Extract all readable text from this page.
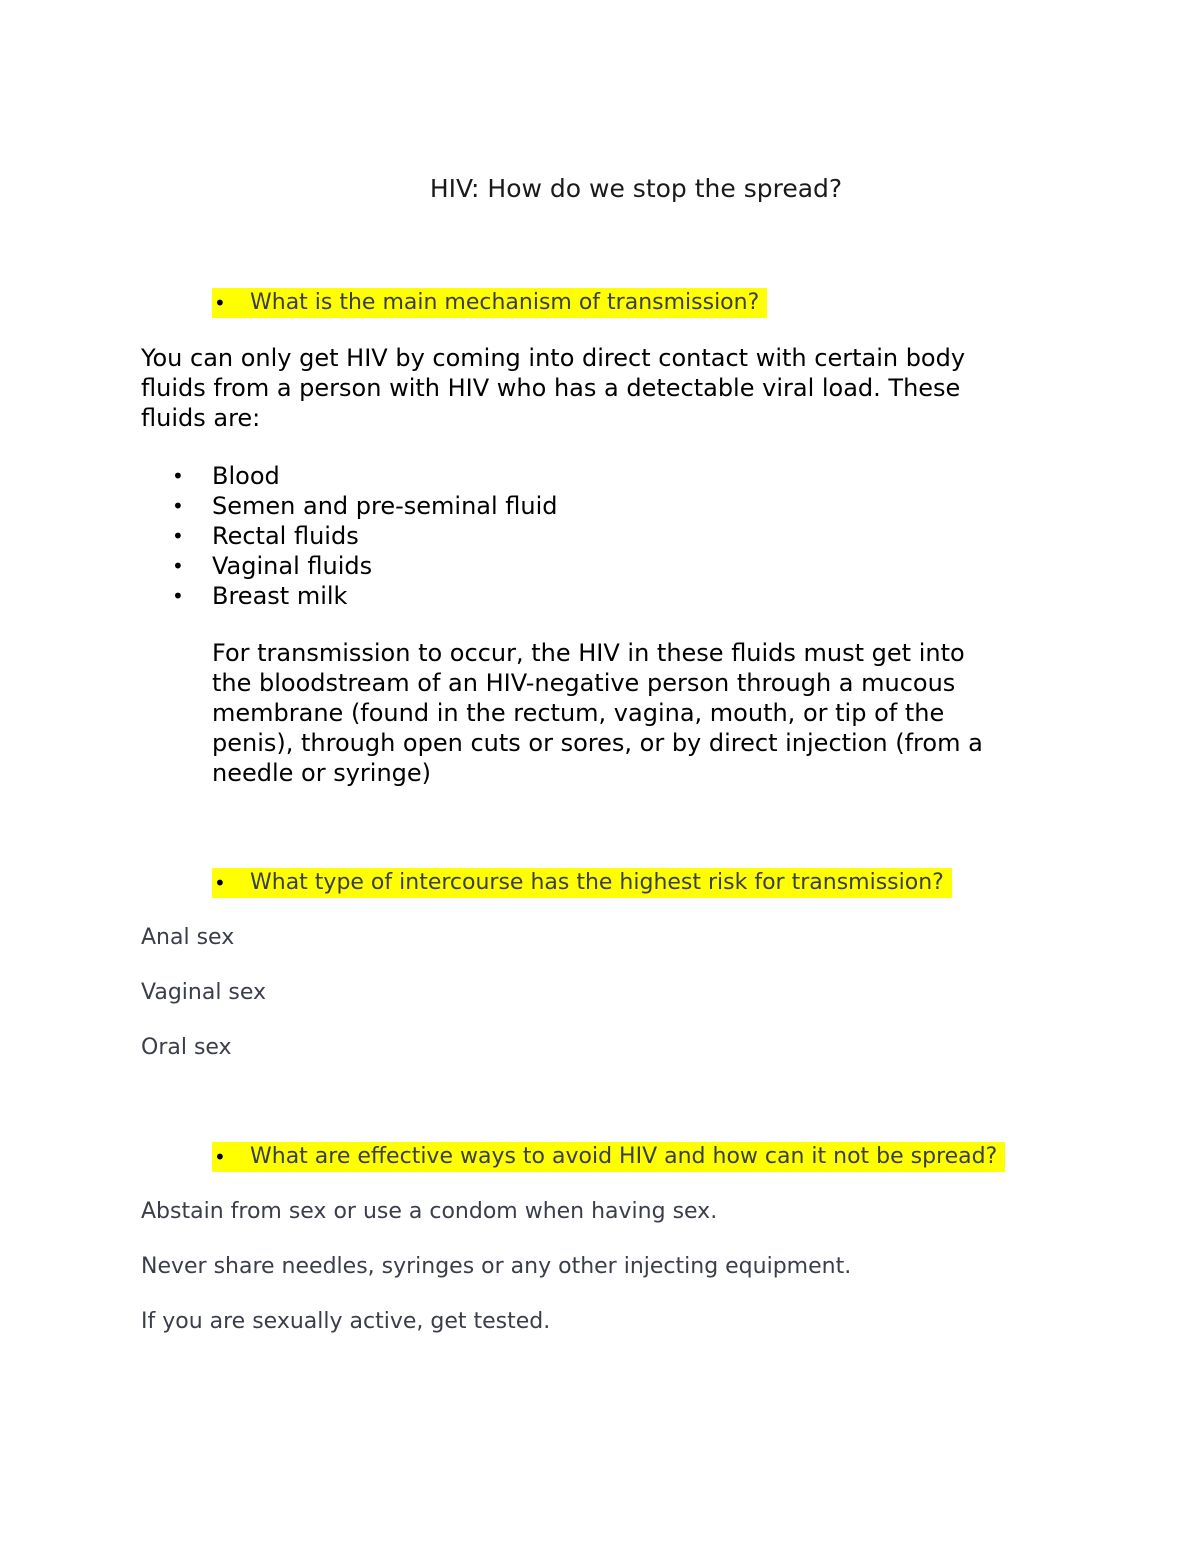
HIV: How do we stop the spread?
•	What is the main mechanism of transmission?
You can only get HIV by coming into direct contact with certain body
fluids from a person with HIV who has a detectable viral load. These
fluids are:
•	Blood
•	Semen and pre-seminal fluid
•	Rectal fluids
•	Vaginal fluids
•	Breast milk
For transmission to occur, the HIV in these fluids must get into
the bloodstream of an HIV-negative person through a mucous
membrane (found in the rectum, vagina, mouth, or tip of the
penis), through open cuts or sores, or by direct injection (from a
needle or syringe)
•	What type of intercourse has the highest risk for transmission?
Anal sex
Vaginal sex
Oral sex
•	What are effective ways to avoid HIV and how can it not be spread?
Abstain from sex or use a condom when having sex.
Never share needles, syringes or any other injecting equipment.
If you are sexually active, get tested.
